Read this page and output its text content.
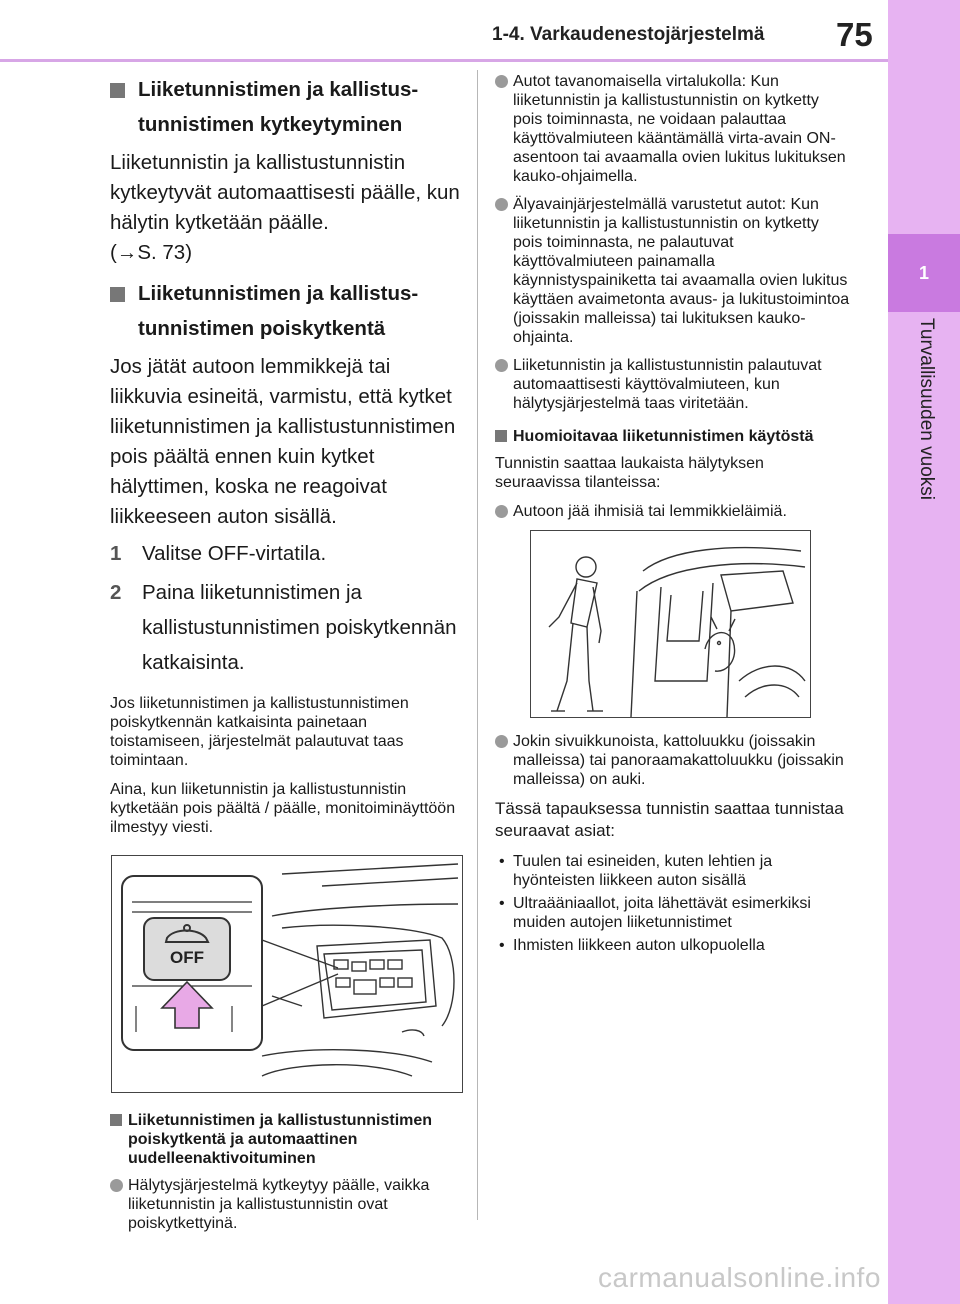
1-4. Varkaudenestojärjestelmä 75
1
Turvallisuuden vuoksi
Liiketunnistimen ja kallistus-tunnistimen kytkeytyminen

Liiketunnistin ja kallistustunnistin kytkeytyvät automaattisesti päälle, kun hälytin kytketään päälle.
(→S. 73)

Liiketunnistimen ja kallistus-tunnistimen poiskytkentä

Jos jätät autoon lemmikkejä tai liikkuvia esineitä, varmistu, että kytket liiketunnistimen ja kallistustunnistimen pois päältä ennen kuin kytket hälyttimen, koska ne reagoivat liikkeeseen auton sisällä.

1 Valitse OFF-virtatila.
2 Paina liiketunnistimen ja kallistustunnistimen poiskytkennän katkaisinta.

Jos liiketunnistimen ja kallistustunnistimen poiskytkennän katkaisinta painetaan toistamiseen, järjestelmät palautuvat taas toimintaan.

Aina, kun liiketunnistin ja kallistustunnistin kytketään pois päältä / päälle, monitoiminäyttöön ilmestyy viesti.

OFF
Liiketunnistimen ja kallistustunnistimen poiskytkentä ja automaattinen uudelleenaktivoituminen
Hälytysjärjestelmä kytkeytyy päälle, vaikka liiketunnistin ja kallistustunnistin ovat poiskytkettyinä.
Autot tavanomaisella virtalukolla: Kun liiketunnistin ja kallistustunnistin on kytketty pois toiminnasta, ne voidaan palauttaa käyttövalmiuteen kääntämällä virta-avain ON-asentoon tai avaamalla ovien lukitus lukituksen kauko-ohjaimella.
Älyavainjärjestelmällä varustetut autot: Kun liiketunnistin ja kallistustunnistin on kytketty pois toiminnasta, ne palautuvat käyttövalmiuteen painamalla käynnistyspainiketta tai avaamalla ovien lukitus käyttäen avaimetonta avaus- ja lukitustoimintoa (joissakin malleissa) tai lukituksen kauko-ohjainta.
Liiketunnistin ja kallistustunnistin palautuvat automaattisesti käyttövalmiuteen, kun hälytysjärjestelmä taas viritetään.
Huomioitavaa liiketunnistimen käytöstä

Tunnistin saattaa laukaista hälytyksen seuraavissa tilanteissa:

Autoon jää ihmisiä tai lemmikkieläimiä.
Jokin sivuikkunoista, kattoluukku (joissakin malleissa) tai panoraamakattoluukku (joissakin malleissa) on auki.

Tässä tapauksessa tunnistin saattaa tunnistaa seuraavat asiat:

• Tuulen tai esineiden, kuten lehtien ja hyönteisten liikkeen auton sisällä
• Ultraääniaallot, joita lähettävät esimerkiksi muiden autojen liiketunnistimet
• Ihmisten liikkeen auton ulkopuolella
carmanualsonline.info
